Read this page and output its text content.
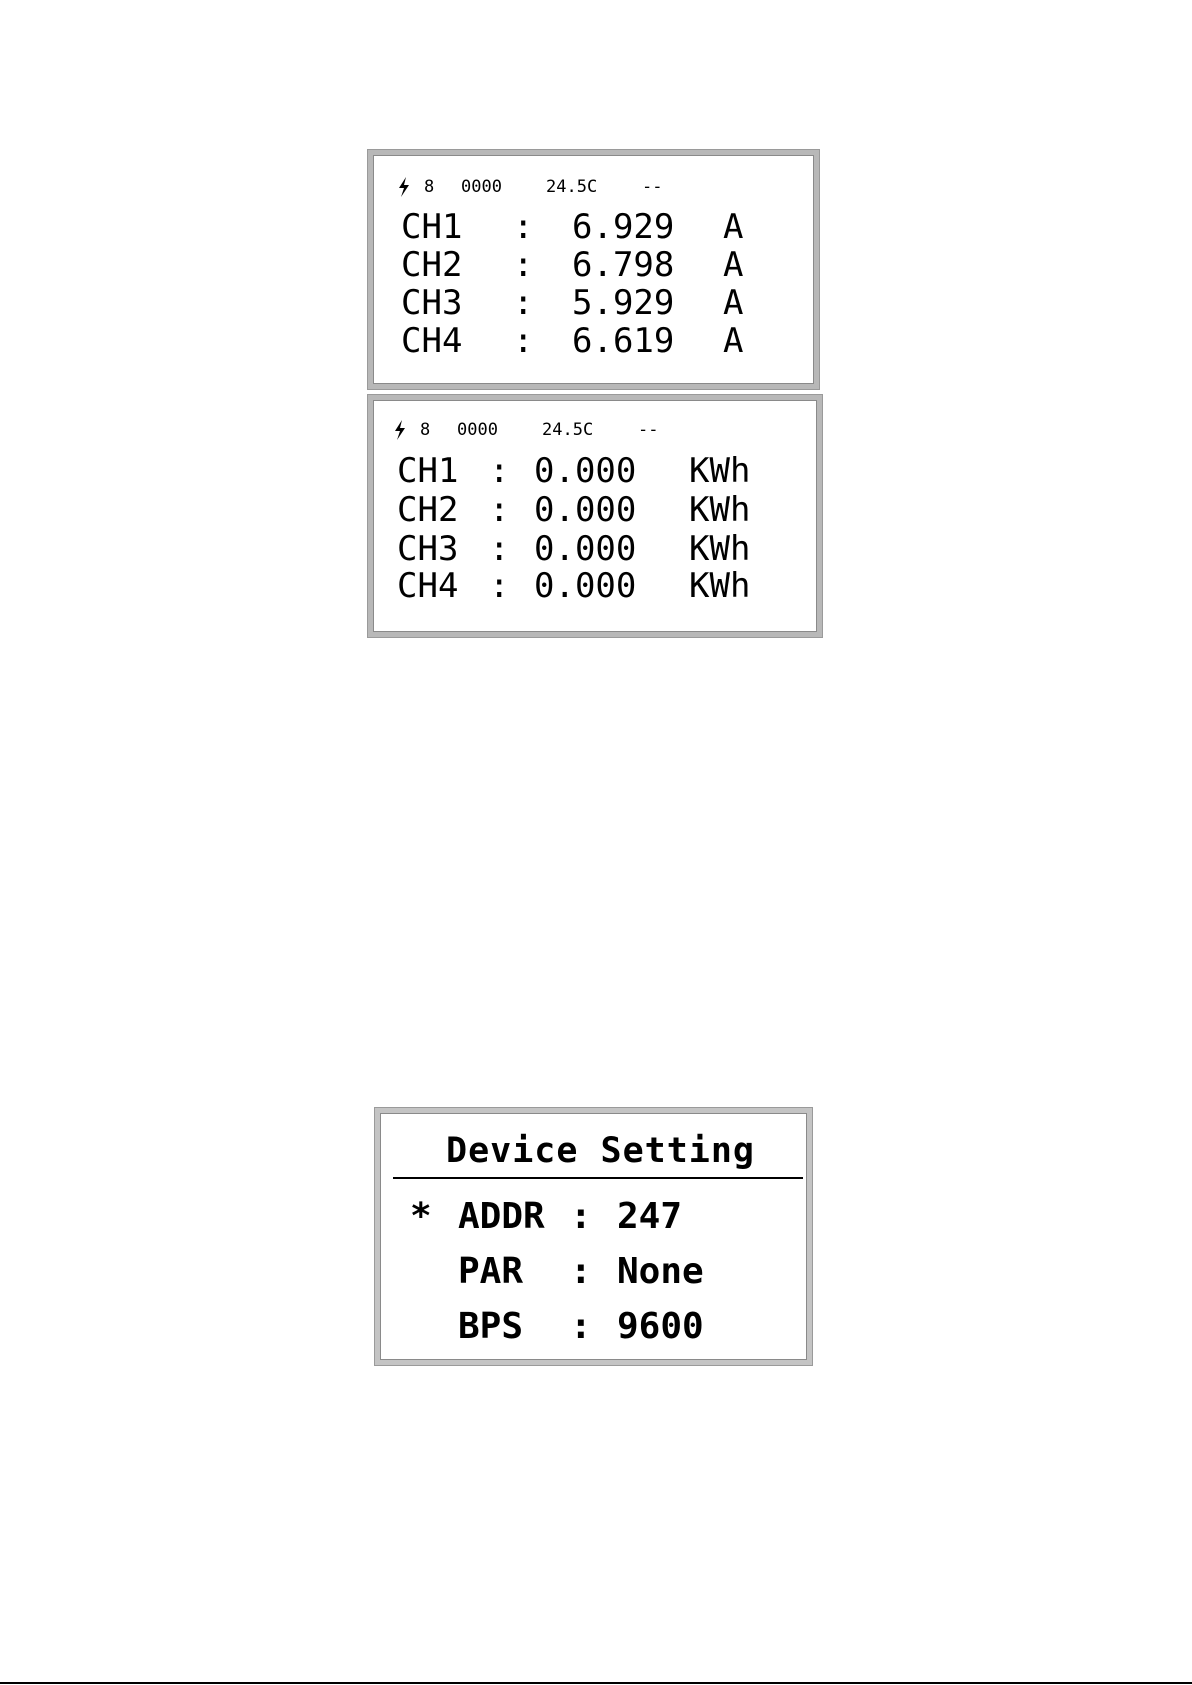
8 0000	24.5C	--
CH1 : 6.929 A
CH2 : 6.798 A
CH3 : 5.929 A
CH4 : 6.619 A
8 0000	24.5C	--
CH1 : 0.000 KWh
CH2 : 0.000 KWh
CH3 : 0.000 KWh
CH4 : 0.000 KWh
Device Setting
* ADDR : 247
PAR : None
BPS : 9600
